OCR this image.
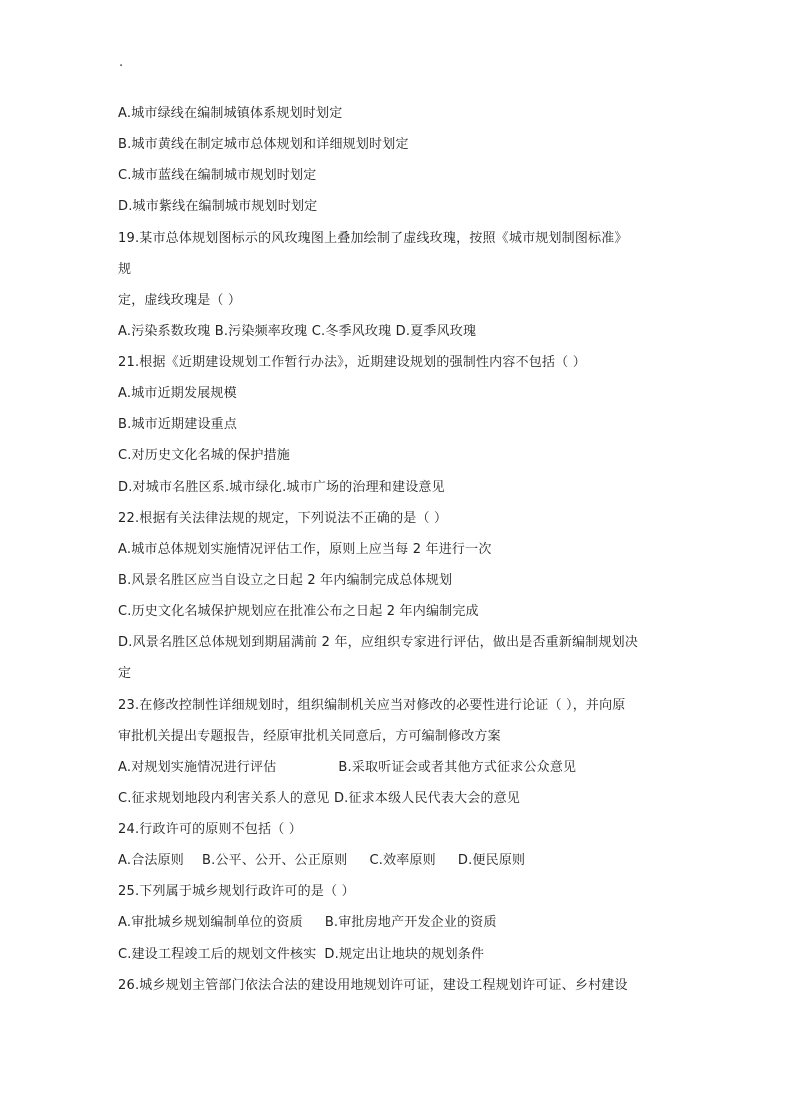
·
A.城市绿线在编制城镇体系规划时划定
B.城市黄线在制定城市总体规划和详细规划时划定
C.城市蓝线在编制城市规划时划定
D.城市紫线在编制城市规划时划定
19.某市总体规划图标示的风玫瑰图上叠加绘制了虚线玫瑰，按照《城市规划制图标准》
规
定，虚线玫瑰是（ ）
A.污染系数玫瑰 B.污染频率玫瑰 C.冬季风玫瑰 D.夏季风玫瑰
21.根据《近期建设规划工作暂行办法》，近期建设规划的强制性内容不包括（ ）
A.城市近期发展规模
B.城市近期建设重点
C.对历史文化名城的保护措施
D.对城市名胜区系.城市绿化.城市广场的治理和建设意见
22.根据有关法律法规的规定，下列说法不正确的是（ ）
A.城市总体规划实施情况评估工作，原则上应当每 2 年进行一次
B.风景名胜区应当自设立之日起 2 年内编制完成总体规划
C.历史文化名城保护规划应在批准公布之日起 2 年内编制完成
D.风景名胜区总体规划到期届满前 2 年，应组织专家进行评估，做出是否重新编制规划决
定
23.在修改控制性详细规划时，组织编制机关应当对修改的必要性进行论证（ ），并向原
审批机关提出专题报告，经原审批机关同意后，方可编制修改方案
A.对规划实施情况进行评估	B.采取听证会或者其他方式征求公众意见
C.征求规划地段内利害关系人的意见 D.征求本级人民代表大会的意见
24.行政许可的原则不包括（ ）
A.合法原则 B.公平、公开、公正原则 C.效率原则 D.便民原则
25.下列属于城乡规划行政许可的是（ ）
A.审批城乡规划编制单位的资质 B.审批房地产开发企业的资质
C.建设工程竣工后的规划文件核实 D.规定出让地块的规划条件
26.城乡规划主管部门依法合法的建设用地规划许可证，建设工程规划许可证、乡村建设
